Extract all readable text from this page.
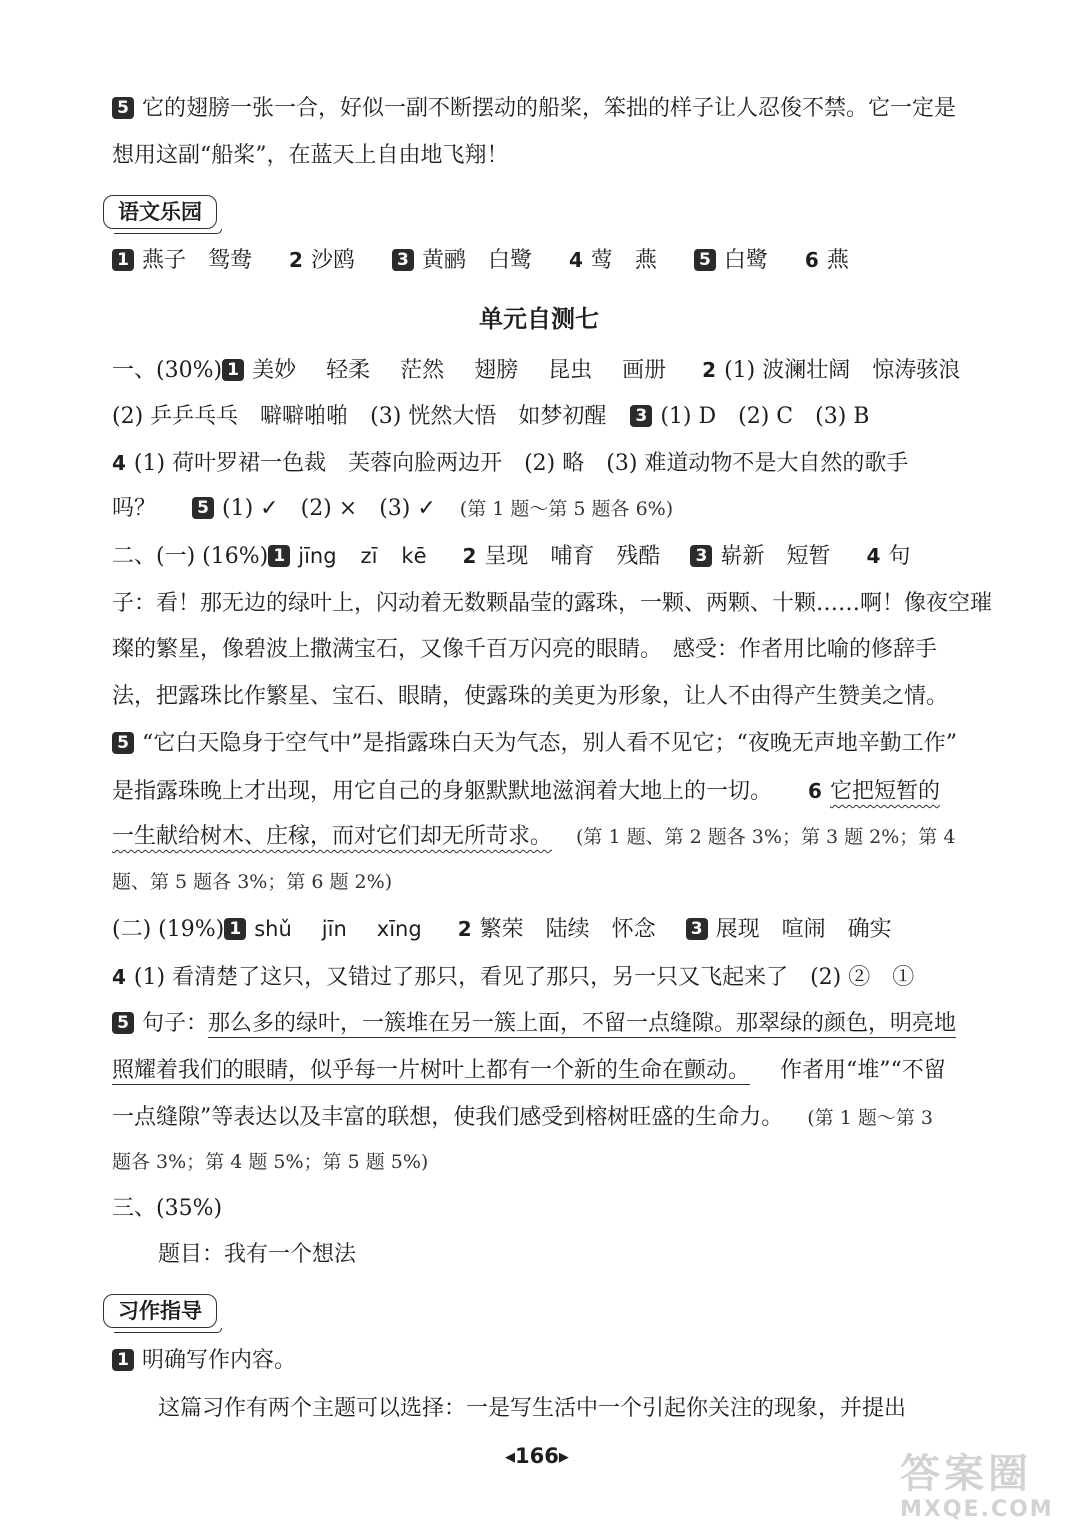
5 它的翅膀一张一合，好似一副不断摆动的船桨，笨拙的样子让人忍俊不禁。它一定是
想用这副“船桨”，在蓝天上自由地飞翔！
语文乐园
1 燕子　鸳鸯 2 沙鸥 3 黄鹂　白鹭 4 莺　燕 5 白鹭 6 燕
单元自测七
一、(30%) 1 美妙 轻柔 茫然 翅膀 昆虫 画册 2 (1) 波澜壮阔　惊涛骇浪
(2) 乒乒乓乓　噼噼啪啪　(3) 恍然大悟　如梦初醒 3 (1) D　(2) C　(3) B
4 (1) 荷叶罗裙一色裁　芙蓉向脸两边开　(2) 略　(3) 难道动物不是大自然的歌手
吗？ 5 (1) ✓　(2) ×　(3) ✓ (第 1 题～第 5 题各 6%)
二、(一) (16%) 1 jīng zī kē 2 呈现　哺育　残酷 3 崭新　短暂 4 句
子：看！那无边的绿叶上，闪动着无数颗晶莹的露珠，一颗、两颗、十颗……啊！像夜空璀
璨的繁星，像碧波上撒满宝石，又像千百万闪亮的眼睛。　感受：作者用比喻的修辞手
法，把露珠比作繁星、宝石、眼睛，使露珠的美更为形象，让人不由得产生赞美之情。
5 “它白天隐身于空气中”是指露珠白天为气态，别人看不见它；“夜晚无声地辛勤工作”
是指露珠晚上才出现，用它自己的身躯默默地滋润着大地上的一切。 6 它把短暂的
一生献给树木、庄稼，而对它们却无所苛求。 (第 1 题、第 2 题各 3%；第 3 题 2%；第 4
题、第 5 题各 3%；第 6 题 2%)
(二) (19%) 1 shǔ jīn xīng 2 繁荣　陆续　怀念 3 展现　喧闹　确实
4 (1) 看清楚了这只，又错过了那只，看见了那只，另一只又飞起来了　(2) ②　①
5 句子：那么多的绿叶，一簇堆在另一簇上面，不留一点缝隙。那翠绿的颜色，明亮地
照耀着我们的眼睛，似乎每一片树叶上都有一个新的生命在颤动。 作者用“堆”“不留
一点缝隙”等表达以及丰富的联想，使我们感受到榕树旺盛的生命力。 (第 1 题～第 3
题各 3%；第 4 题 5%；第 5 题 5%)
三、(35%)
题目：我有一个想法
习作指导
1 明确写作内容。
这篇习作有两个主题可以选择：一是写生活中一个引起你关注的现象，并提出
◀166▶	答案圈
MXQE.COM
